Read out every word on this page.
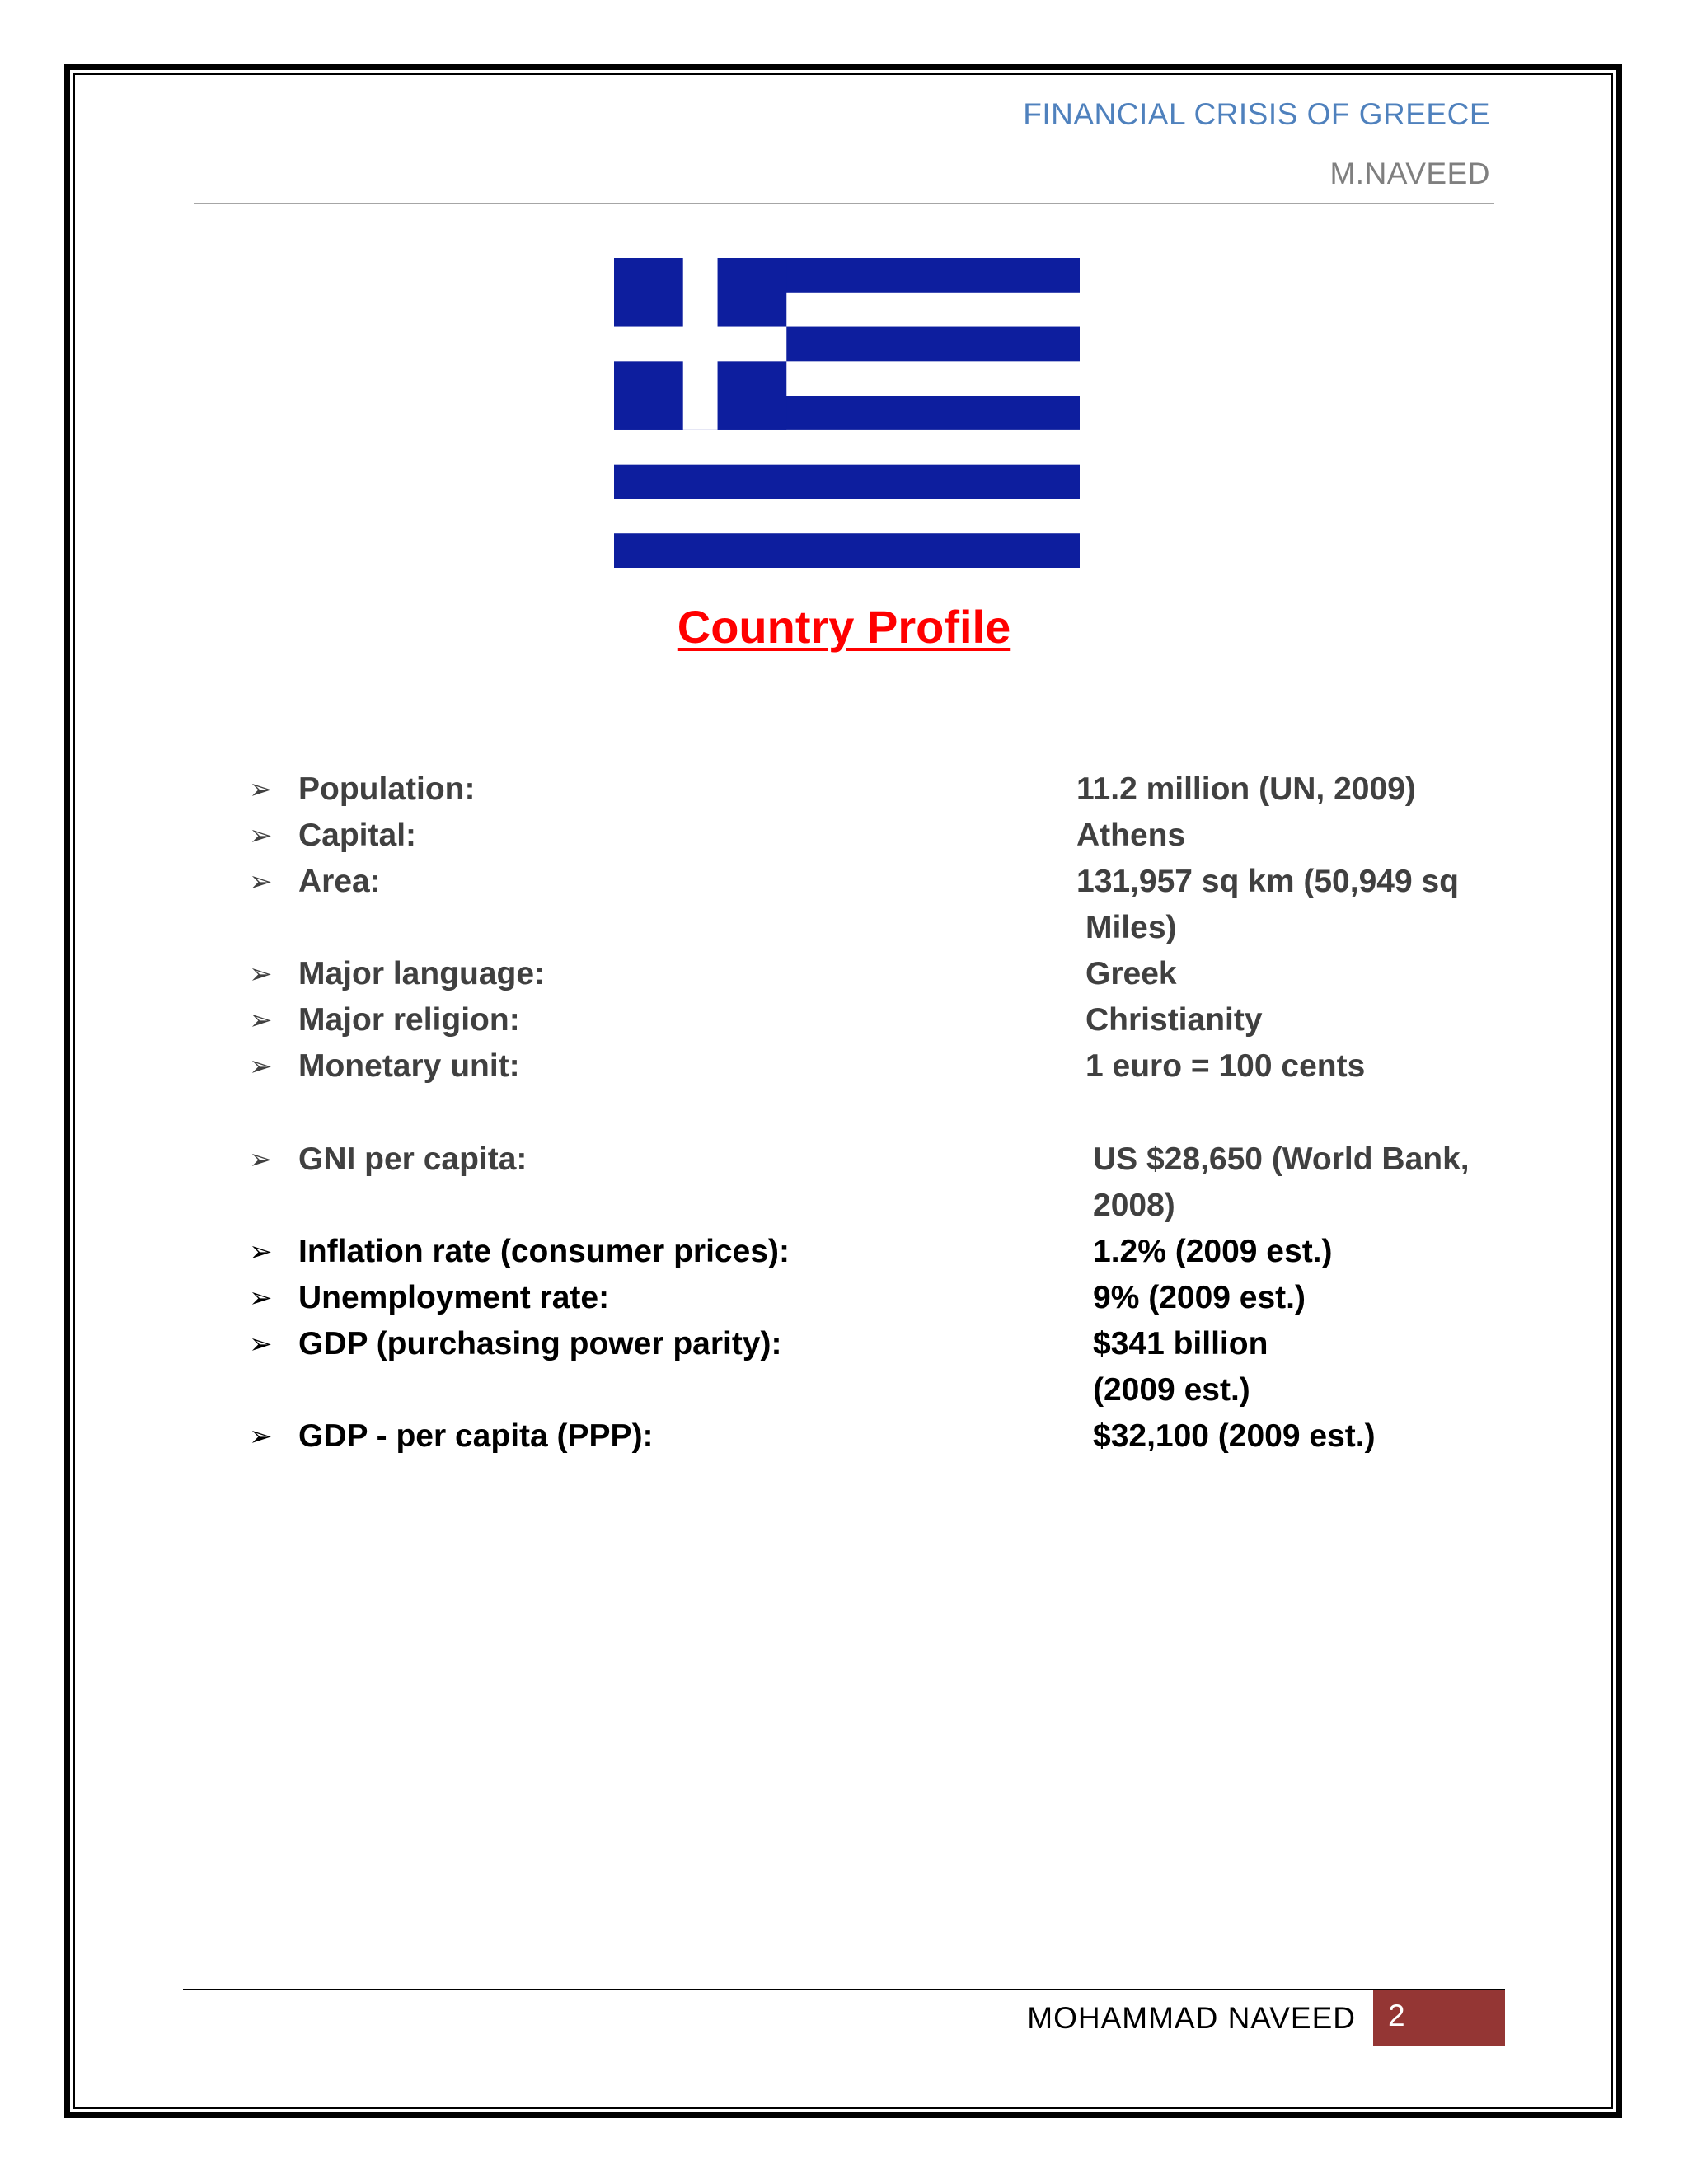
FINANCIAL CRISIS OF GREECE
M.NAVEED
Country Profile
➢ Population:	11.2 million (UN, 2009)
➢ Capital:	Athens
➢ Area:	131,957 sq km (50,949 sq
Miles)
➢ Major language:	Greek
➢ Major religion:	Christianity
➢ Monetary unit:	1 euro = 100 cents
➢ GNI per capita:	US $28,650 (World Bank,
2008)
➢ Inflation rate (consumer prices):	1.2% (2009 est.)
➢ Unemployment rate:	9% (2009 est.)
➢ GDP (purchasing power parity):	$341 billion
(2009 est.)
➢ GDP - per capita (PPP):	$32,100 (2009 est.)
MOHAMMAD NAVEED	2
